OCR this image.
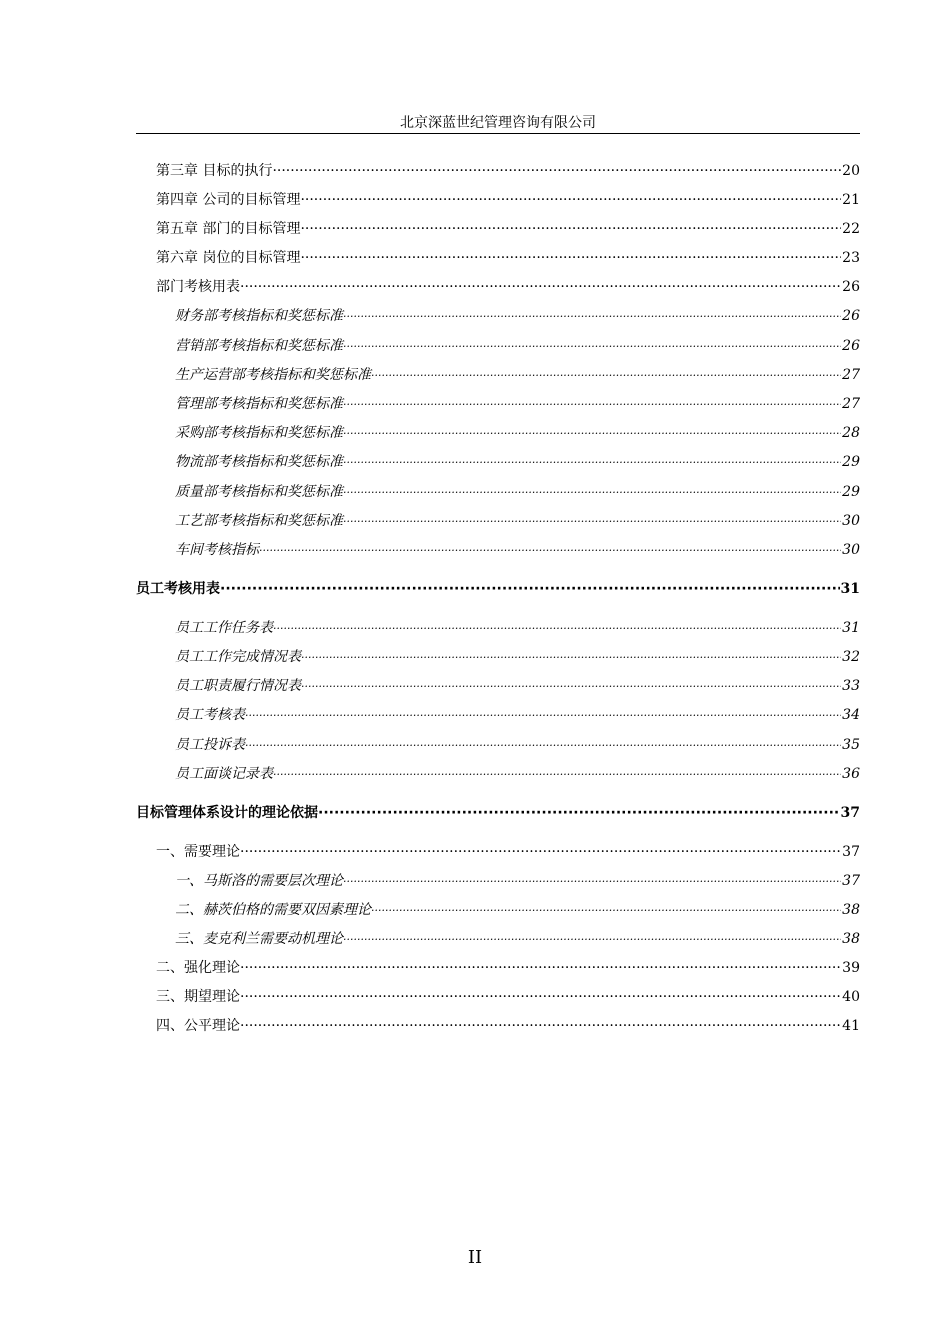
北京深蓝世纪管理咨询有限公司
第三章 目标的执行 ·····	20
第四章 公司的目标管理 ·····	21
第五章 部门的目标管理 ·····	22
第六章 岗位的目标管理 ·····	23
部门考核用表 ·····	26
财务部考核指标和奖惩标准 ·····	26
营销部考核指标和奖惩标准 ·····	26
生产运营部考核指标和奖惩标准 ·····	27
管理部考核指标和奖惩标准 ·····	27
采购部考核指标和奖惩标准 ·····	28
物流部考核指标和奖惩标准 ·····	29
质量部考核指标和奖惩标准 ·····	29
工艺部考核指标和奖惩标准 ·····	30
车间考核指标 ·····	30
员工考核用表 ·····	31
员工工作任务表 ·····	31
员工工作完成情况表 ·····	32
员工职责履行情况表 ·····	33
员工考核表 ·····	34
员工投诉表 ·····	35
员工面谈记录表 ·····	36
目标管理体系设计的理论依据 ·····	37
一、需要理论 ·····	37
一、马斯洛的需要层次理论 ·····	37
二、赫茨伯格的需要双因素理论 ·····	38
三、麦克利兰需要动机理论 ·····	38
二、强化理论 ·····	39
三、期望理论 ·····	40
四、公平理论 ·····	41
II
